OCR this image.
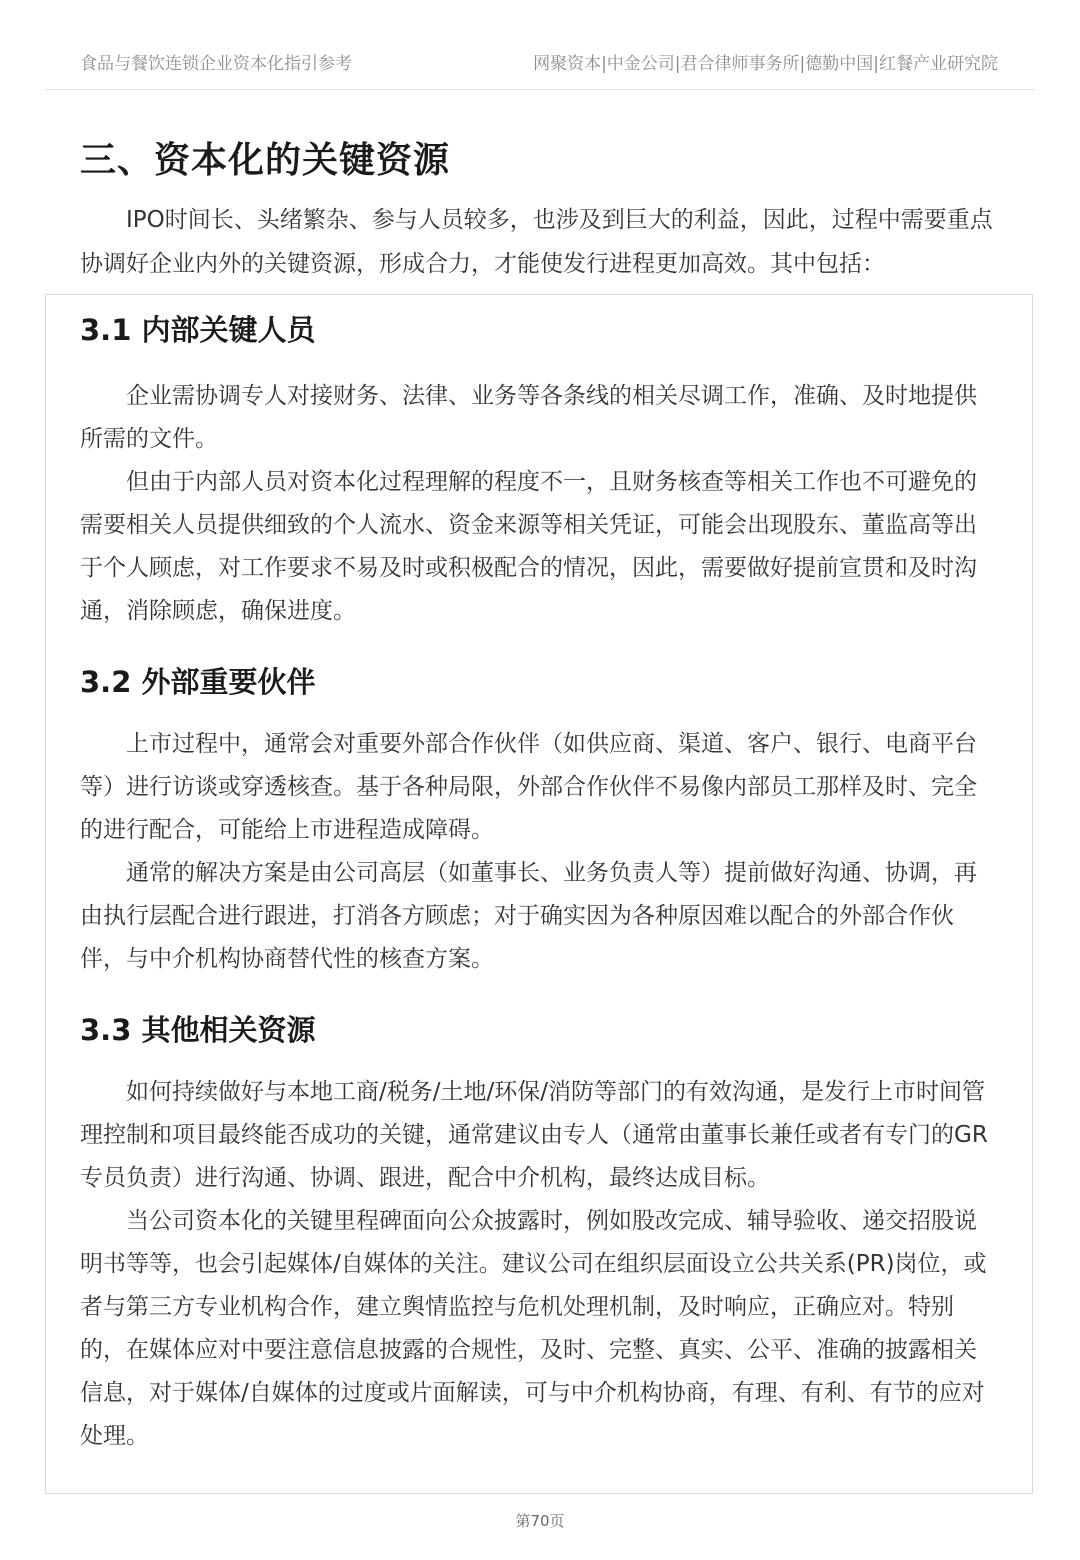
食品与餐饮连锁企业资本化指引参考	网聚资本|中金公司|君合律师事务所|德勤中国|红餐产业研究院
三、资本化的关键资源

IPO时间长、头绪繁杂、参与人员较多，也涉及到巨大的利益，因此，过程中需要重点协调好企业内外的关键资源，形成合力，才能使发行进程更加高效。其中包括：

3.1 内部关键人员

企业需协调专人对接财务、法律、业务等各条线的相关尽调工作，准确、及时地提供所需的文件。

但由于内部人员对资本化过程理解的程度不一，且财务核查等相关工作也不可避免的需要相关人员提供细致的个人流水、资金来源等相关凭证，可能会出现股东、董监高等出于个人顾虑，对工作要求不易及时或积极配合的情况，因此，需要做好提前宣贯和及时沟通，消除顾虑，确保进度。

3.2 外部重要伙伴

上市过程中，通常会对重要外部合作伙伴（如供应商、渠道、客户、银行、电商平台等）进行访谈或穿透核查。基于各种局限，外部合作伙伴不易像内部员工那样及时、完全的进行配合，可能给上市进程造成障碍。

通常的解决方案是由公司高层（如董事长、业务负责人等）提前做好沟通、协调，再由执行层配合进行跟进，打消各方顾虑；对于确实因为各种原因难以配合的外部合作伙伴，与中介机构协商替代性的核查方案。

3.3 其他相关资源

如何持续做好与本地工商/税务/土地/环保/消防等部门的有效沟通，是发行上市时间管理控制和项目最终能否成功的关键，通常建议由专人（通常由董事长兼任或者有专门的GR专员负责）进行沟通、协调、跟进，配合中介机构，最终达成目标。

当公司资本化的关键里程碑面向公众披露时，例如股改完成、辅导验收、递交招股说明书等等，也会引起媒体/自媒体的关注。建议公司在组织层面设立公共关系(PR)岗位，或者与第三方专业机构合作，建立舆情监控与危机处理机制，及时响应，正确应对。特别的，在媒体应对中要注意信息披露的合规性，及时、完整、真实、公平、准确的披露相关信息，对于媒体/自媒体的过度或片面解读，可与中介机构协商，有理、有利、有节的应对处理。

第70页
